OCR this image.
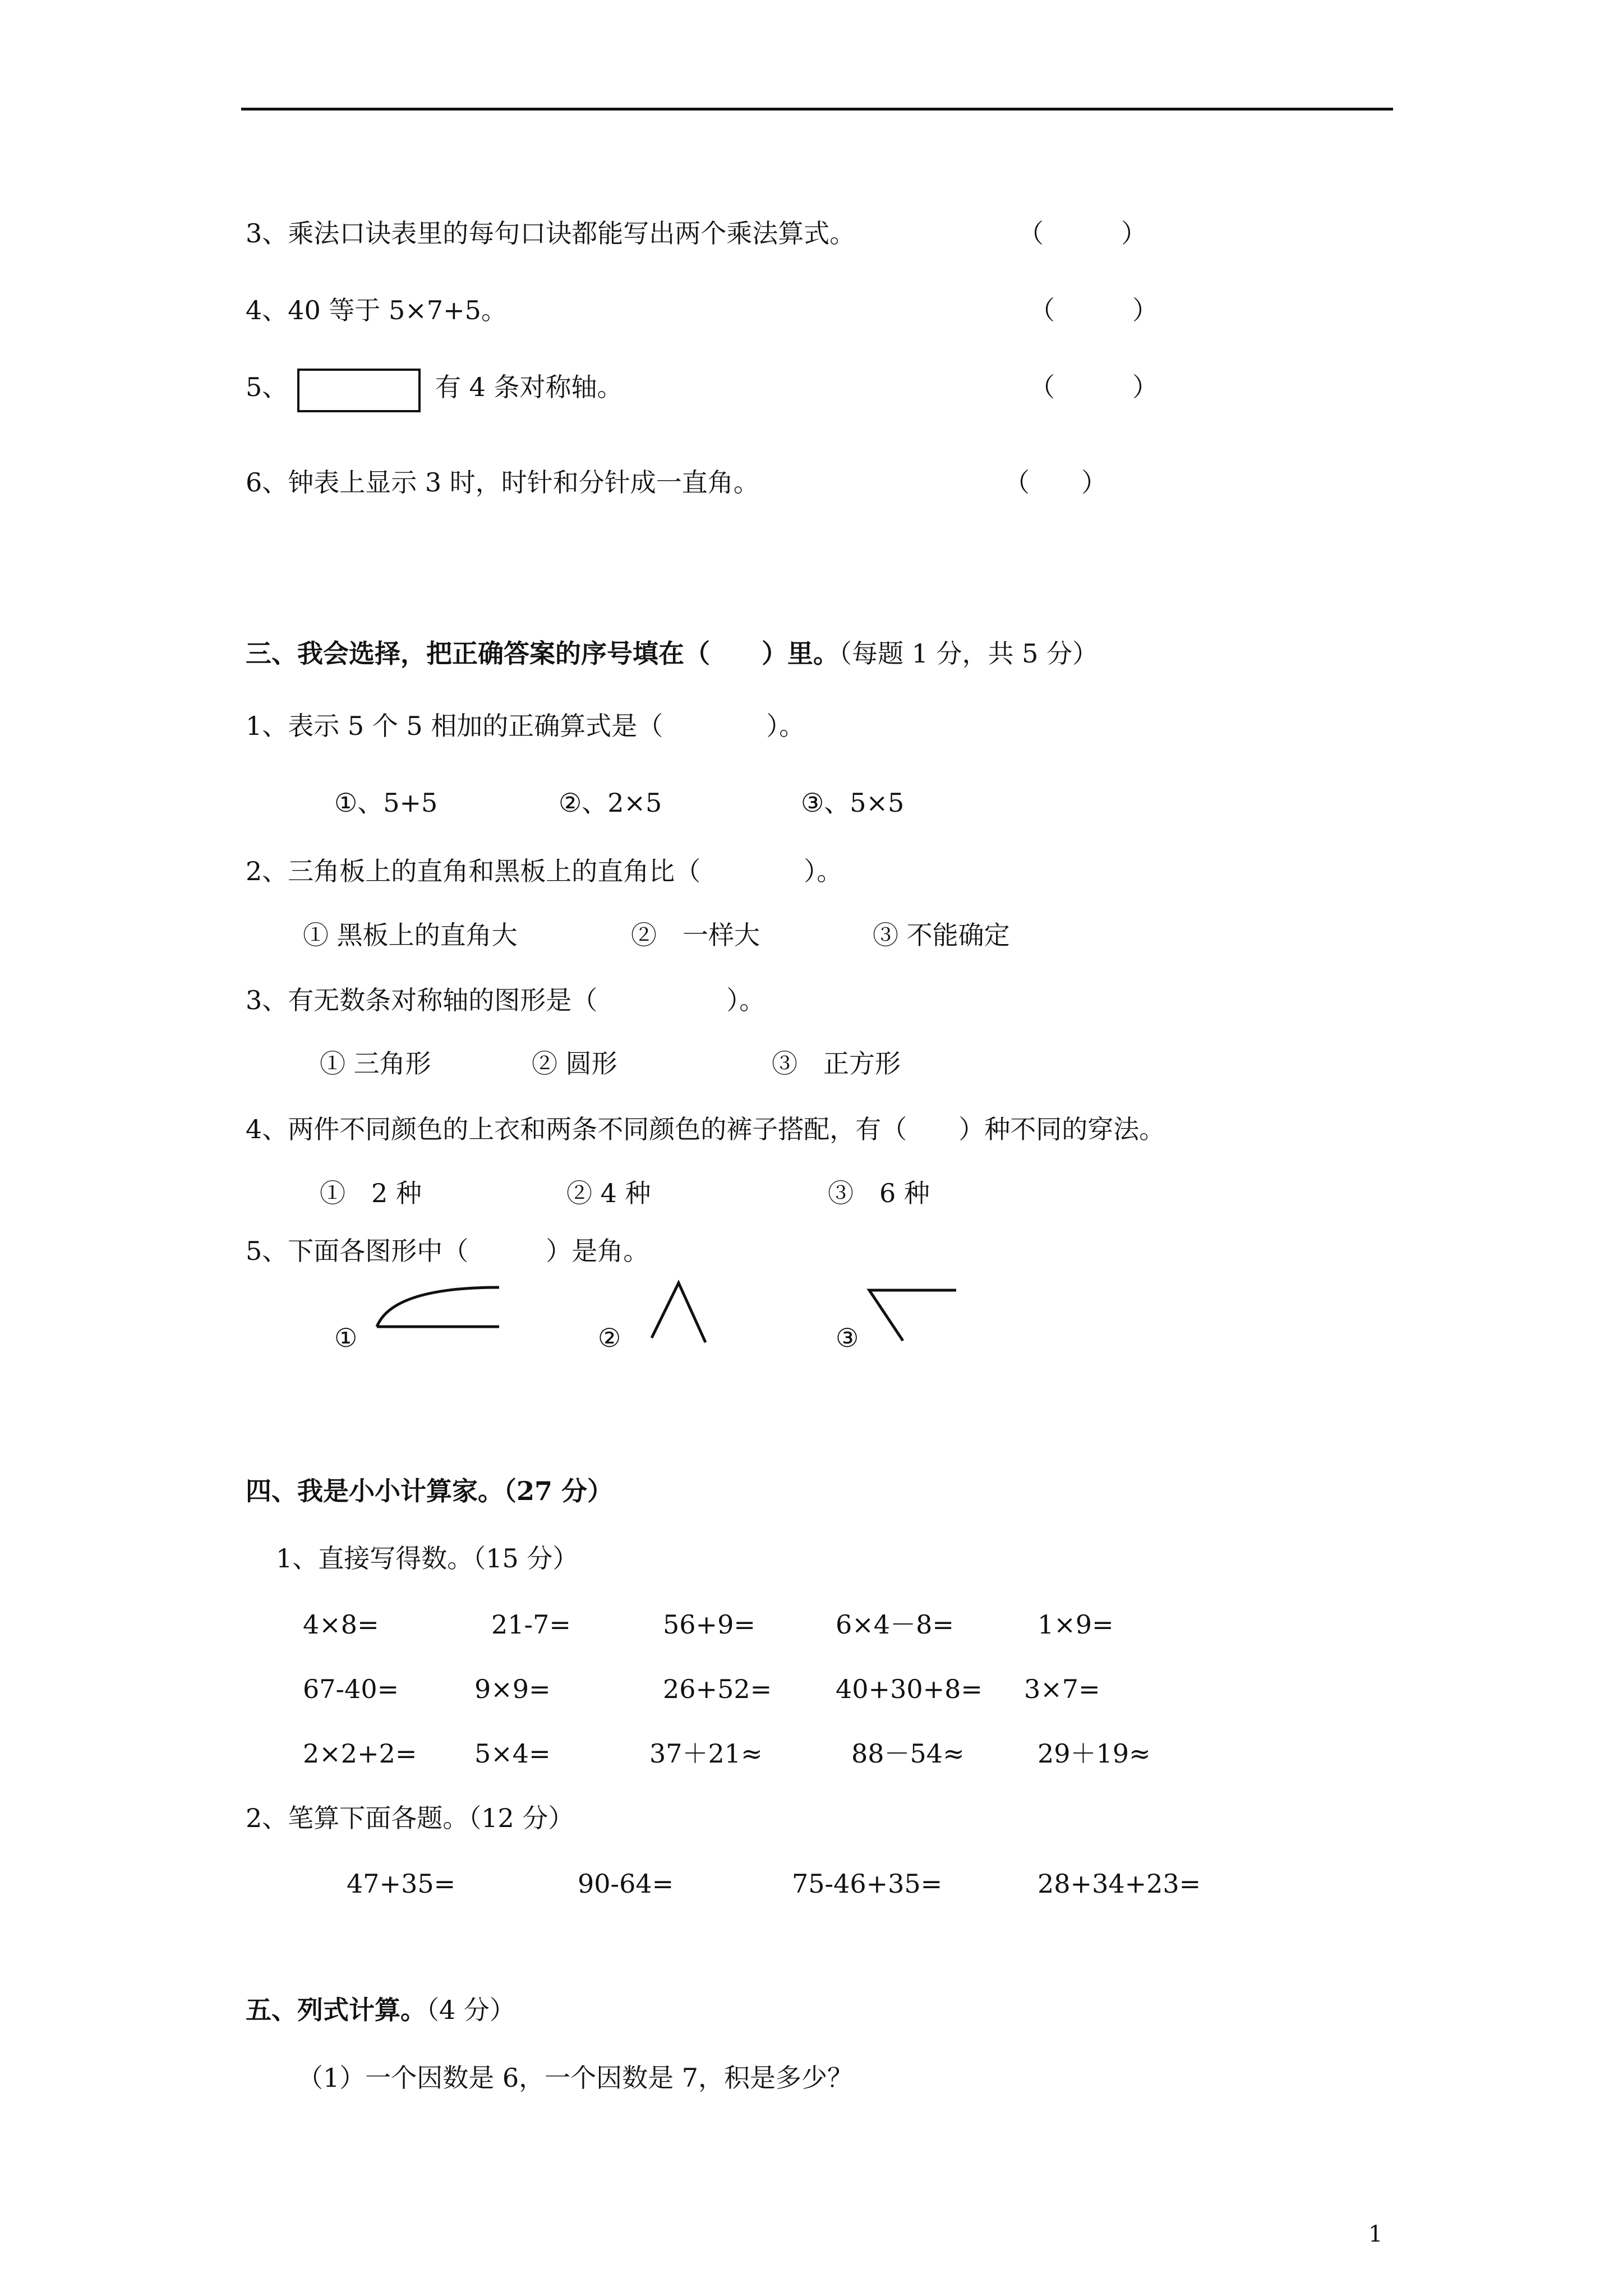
3、乘法口诀表里的每句口诀都能写出两个乘法算式。	（　　　）
4、40 等于 5×7+5。	（　　　）
5、	有 4 条对称轴。	（　　　）
6、钟表上显示 3 时，时针和分针成一直角。	（　　）
三、我会选择，把正确答案的序号填在（　　）里。（每题 1 分，共 5 分）
1、表示 5 个 5 相加的正确算式是（　　　　）。
①、5+5	②、2×5	③、5×5
2、三角板上的直角和黑板上的直角比（　　　　）。
① 黑板上的直角大	②　一样大	③ 不能确定
3、有无数条对称轴的图形是（　　　　　）。
① 三角形	② 圆形	③　正方形
4、两件不同颜色的上衣和两条不同颜色的裤子搭配，有（　　）种不同的穿法。
①　2 种	② 4 种	③　6 种
5、下面各图形中（　　　）是角。
①	②	③
四、我是小小计算家。（27 分）
1、直接写得数。（15 分）
4×8=	21-7=	56+9=	6×4－8=	1×9=
67-40=	9×9=	26+52= 40+30+8= 3×7=
2×2+2= 5×4=	37＋21≈	88－54≈	29＋19≈
2、笔算下面各题。（12 分）
47+35=	90-64=	75-46+35=	28+34+23=
五、列式计算。（4 分）
（1）一个因数是 6，一个因数是 7，积是多少？
1
